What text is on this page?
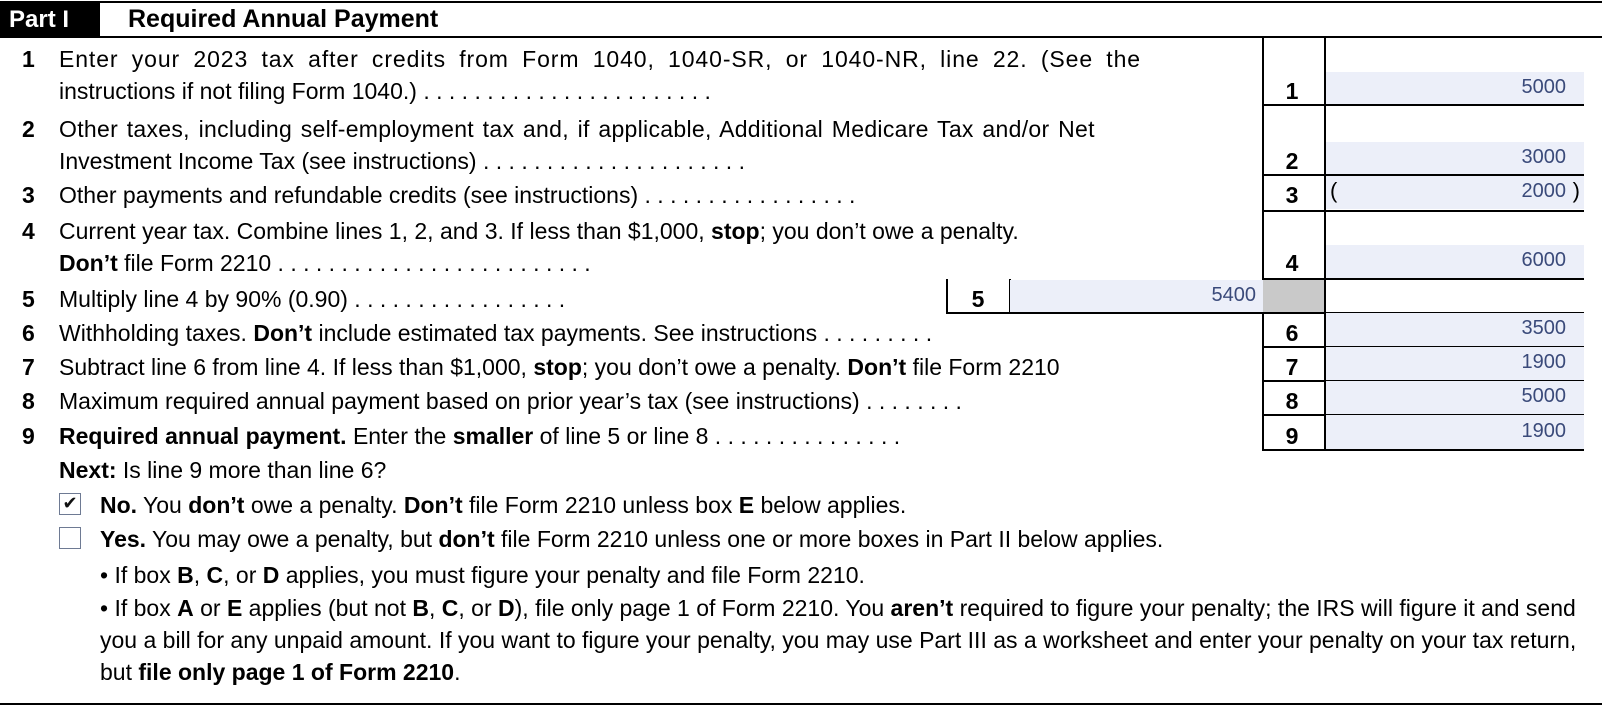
Part I	Required Annual Payment
1 Enter your 2023 tax after credits from Form 1040, 1040-SR, or 1040-NR, line 22. (See the
instructions if not filing Form 1040.) . . . . . . . . . . . . . . . . . . . . . . .	1	5000
2 Other taxes, including self-employment tax and, if applicable, Additional Medicare Tax and/or Net
Investment Income Tax (see instructions) . . . . . . . . . . . . . . . . . . . . .	2	3000
3 Other payments and refundable credits (see instructions) . . . . . . . . . . . . . . . . .	3	(	2000 )
4 Current year tax. Combine lines 1, 2, and 3. If less than $1,000, stop; you don’t owe a penalty.
Don’t file Form 2210 . . . . . . . . . . . . . . . . . . . . . . . . .	4	6000
5 Multiply line 4 by 90% (0.90) . . . . . . . . . . . . . . . . .	5	5400
6 Withholding taxes. Don’t include estimated tax payments. See instructions . . . . . . . . .	6	3500
7 Subtract line 6 from line 4. If less than $1,000, stop; you don’t owe a penalty. Don’t file Form 2210	7	1900
8 Maximum required annual payment based on prior year’s tax (see instructions) . . . . . . . .	8	5000
9 Required annual payment. Enter the smaller of line 5 or line 8 . . . . . . . . . . . . . . .	9	1900
Next: Is line 9 more than line 6?
✔ No. You don’t owe a penalty. Don’t file Form 2210 unless box E below applies.
Yes. You may owe a penalty, but don’t file Form 2210 unless one or more boxes in Part II below applies.
• If box B, C, or D applies, you must figure your penalty and file Form 2210.
• If box A or E applies (but not B, C, or D), file only page 1 of Form 2210. You aren’t required to figure your penalty; the IRS will figure it and send you a bill for any unpaid amount. If you want to figure your penalty, you may use Part III as a worksheet and enter your penalty on your tax return, but file only page 1 of Form 2210.
